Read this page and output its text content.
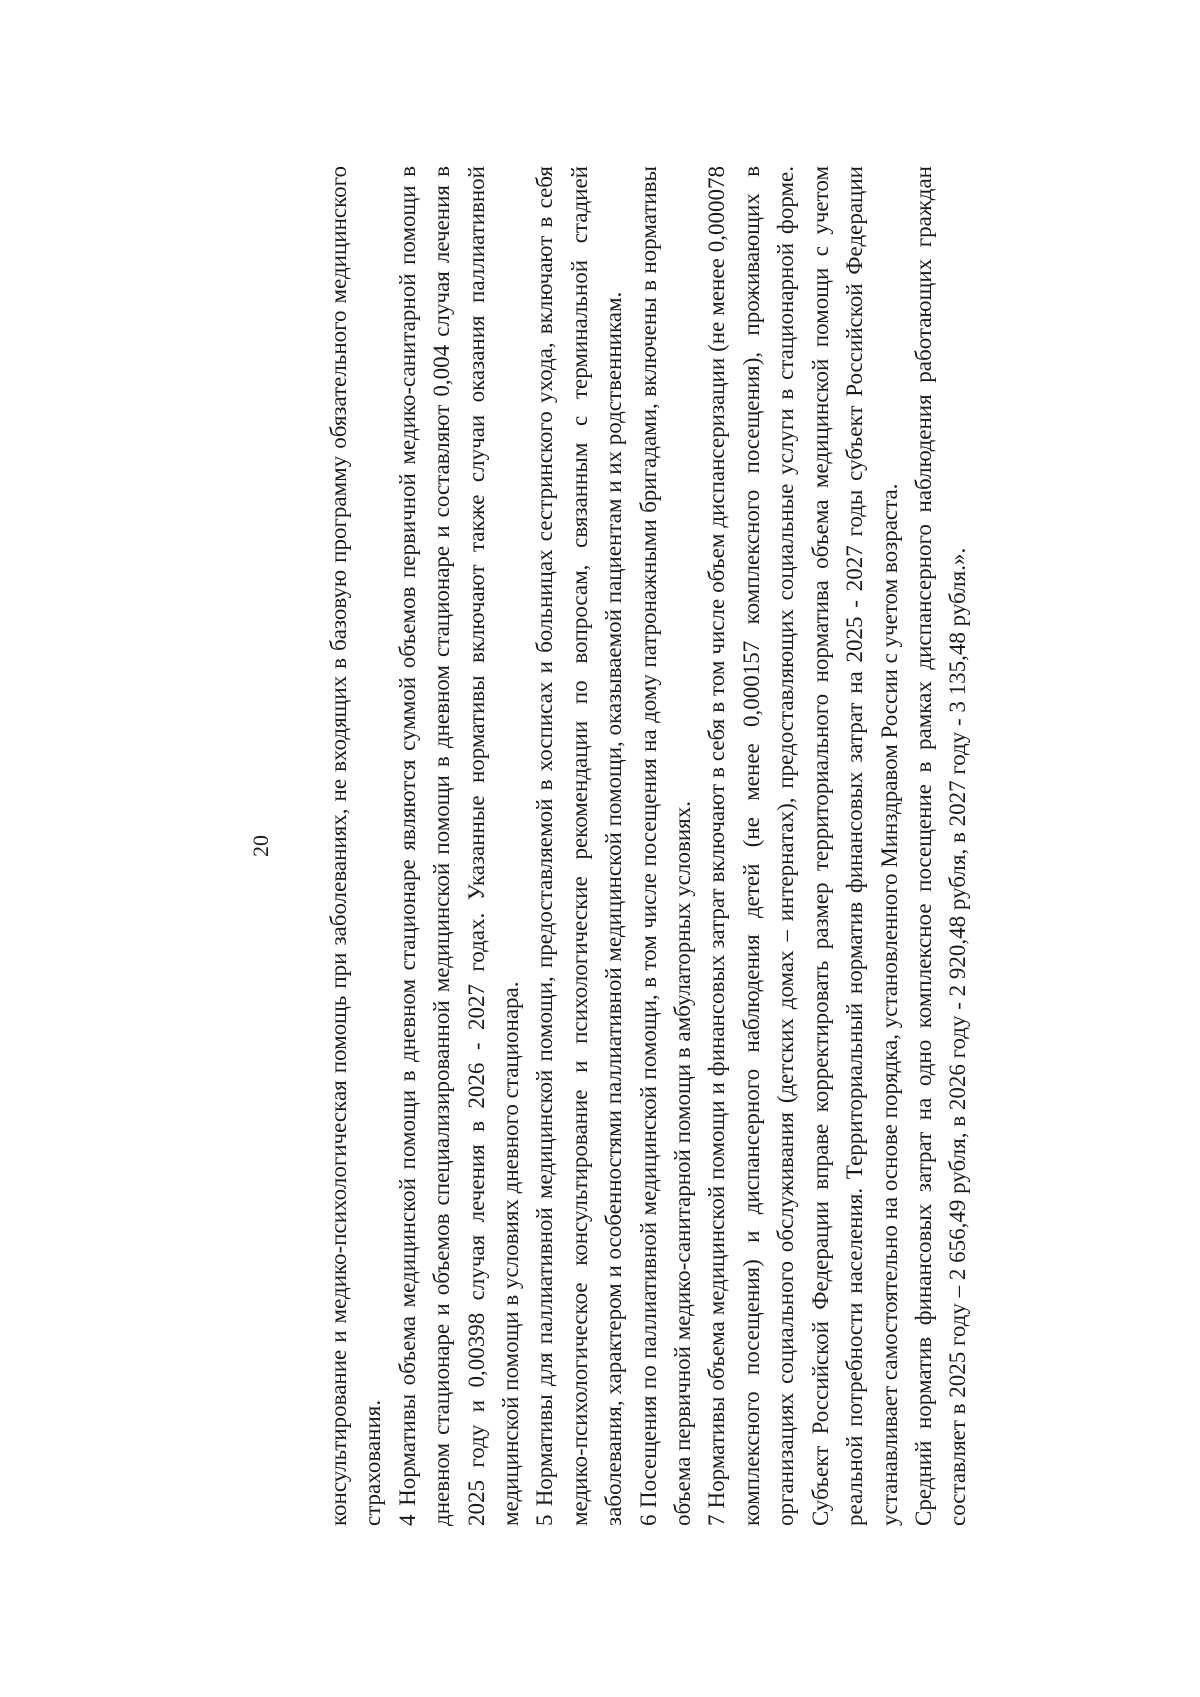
20 консультирование и медико-психологическая помощь при заболеваниях, не входящих в базовую программу обязательного медицинского страхования. 4 Нормативы объема медицинской помощи в дневном стационаре являются суммой объемов первичной медико-санитарной помощи в дневном стационаре и объемов специализированной медицинской помощи в дневном стационаре и составляют 0,004 случая лечения в 2025 году и 0,00398 случая лечения в 2026 - 2027 годах. Указанные нормативы включают также случаи оказания паллиативной медицинской помощи в условиях дневного стационара. 5 Нормативы для паллиативной медицинской помощи, предоставляемой в хосписах и больницах сестринского ухода, включают в себя медико-психологическое консультирование и психологические рекомендации по вопросам, связанным с терминальной стадией заболевания, характером и особенностями паллиативной медицинской помощи, оказываемой пациентам и их родственникам. 6 Посещения по паллиативной медицинской помощи, в том числе посещения на дому патронажными бригадами, включены в нормативы объема первичной медико-санитарной помощи в амбулаторных условиях. 7 Нормативы объема медицинской помощи и финансовых затрат включают в себя в том числе объем диспансеризации (не менее 0,000078 комплексного посещения) и диспансерного наблюдения детей (не менее 0,000157 комплексного посещения), проживающих в организациях социального обслуживания (детских домах – интернатах), предоставляющих социальные услуги в стационарной форме. Субъект Российской Федерации вправе корректировать размер территориального норматива объема медицинской помощи с учетом реальной потребности населения. Территориальный норматив финансовых затрат на 2025 - 2027 годы субъект Российской Федерации устанавливает самостоятельно на основе порядка, установленного Минздравом России с учетом возраста. Средний норматив финансовых затрат на одно комплексное посещение в рамках диспансерного наблюдения работающих граждан составляет в 2025 году – 2 656,49 рубля, в 2026 году - 2 920,48 рубля, в 2027 году - 3 135,48 рубля.».
